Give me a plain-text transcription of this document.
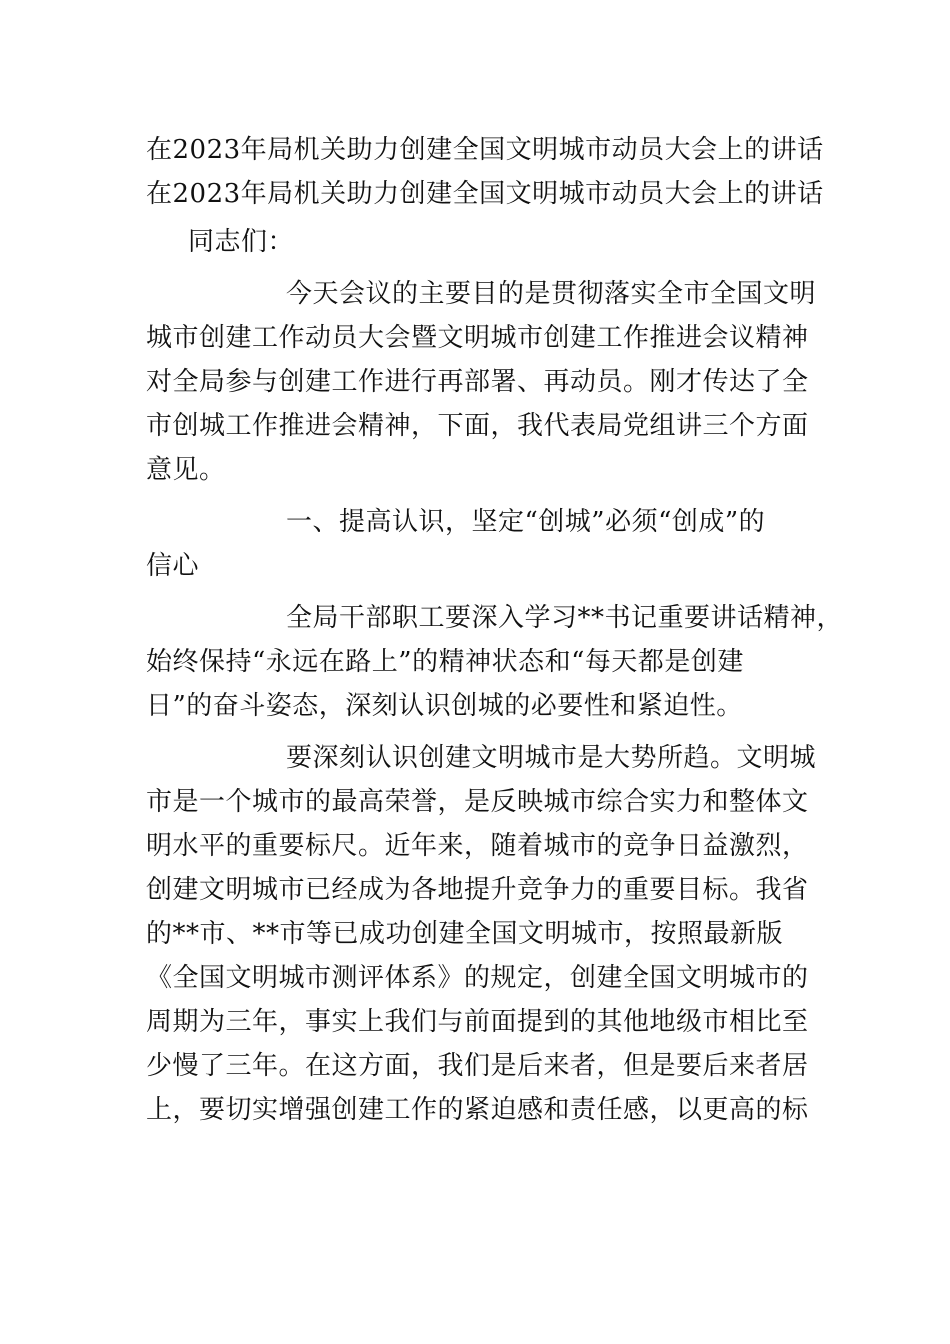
在2023年局机关助力创建全国文明城市动员大会上的讲话
在2023年局机关助力创建全国文明城市动员大会上的讲话
同志们：
今天会议的主要目的是贯彻落实全市全国文明
城市创建工作动员大会暨文明城市创建工作推进会议精神
对全局参与创建工作进行再部署、再动员。刚才传达了全
市创城工作推进会精神，下面，我代表局党组讲三个方面
意见。
一、提高认识，坚定“创城”必须“创成”的
信心
全局干部职工要深入学习**书记重要讲话精神，
始终保持“永远在路上”的精神状态和“每天都是创建
日”的奋斗姿态，深刻认识创城的必要性和紧迫性。
要深刻认识创建文明城市是大势所趋。文明城
市是一个城市的最高荣誉，是反映城市综合实力和整体文
明水平的重要标尺。近年来，随着城市的竞争日益激烈，
创建文明城市已经成为各地提升竞争力的重要目标。我省
的**市、**市等已成功创建全国文明城市，按照最新版
《全国文明城市测评体系》的规定，创建全国文明城市的
周期为三年，事实上我们与前面提到的其他地级市相比至
少慢了三年。在这方面，我们是后来者，但是要后来者居
上，要切实增强创建工作的紧迫感和责任感，以更高的标
